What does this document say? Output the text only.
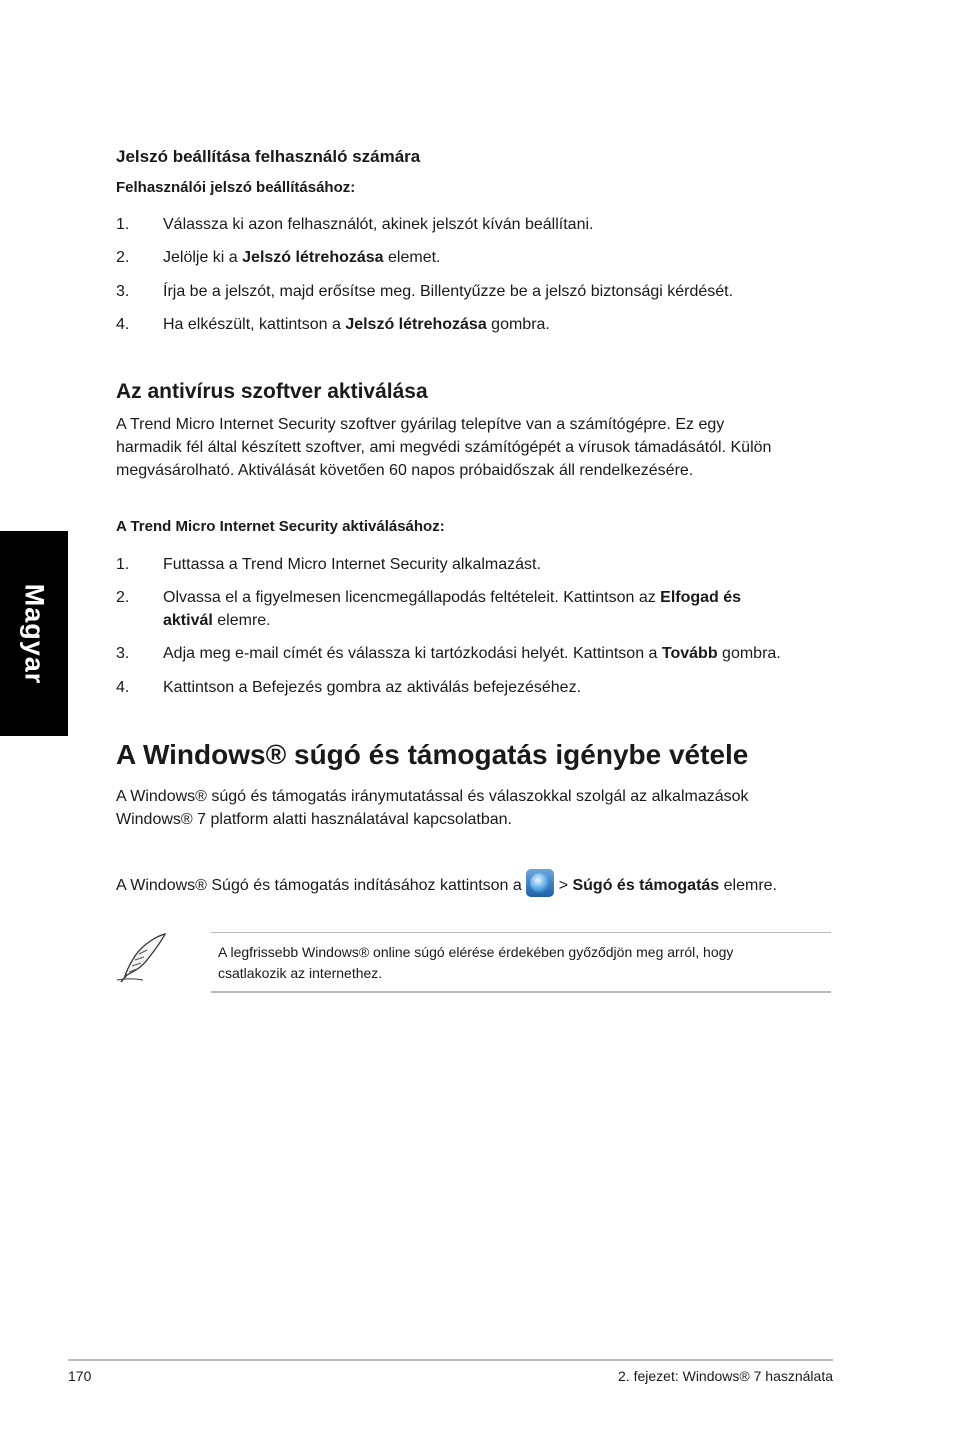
Magyar
Jelszó beállítása felhasználó számára
Felhasználói jelszó beállításához:
1. Válassza ki azon felhasználót, akinek jelszót kíván beállítani.
2. Jelölje ki a Jelszó létrehozása elemet.
3. Írja be a jelszót, majd erősítse meg. Billentyűzze be a jelszó biztonsági kérdését.
4. Ha elkészült, kattintson a Jelszó létrehozása gombra.
Az antivírus szoftver aktiválása
A Trend Micro Internet Security szoftver gyárilag telepítve van a számítógépre. Ez egy
harmadik fél által készített szoftver, ami megvédi számítógépét a vírusok támadásától. Külön
megvásárolható. Aktiválását követően 60 napos próbaidőszak áll rendelkezésére.
A Trend Micro Internet Security aktiválásához:
1. Futtassa a Trend Micro Internet Security alkalmazást.
2. Olvassa el a figyelmesen licencmegállapodás feltételeit. Kattintson az Elfogad és
aktivál elemre.
3. Adja meg e-mail címét és válassza ki tartózkodási helyét. Kattintson a Tovább gombra.
4. Kattintson a Befejezés gombra az aktiválás befejezéséhez.
A Windows® súgó és támogatás igénybe vétele
A Windows® súgó és támogatás iránymutatással és válaszokkal szolgál az alkalmazások
Windows® 7 platform alatti használatával kapcsolatban.
A Windows® Súgó és támogatás indításához kattintson a
> Súgó és támogatás elemre.
A legfrissebb Windows® online súgó elérése érdekében győződjön meg arról, hogy
csatlakozik az internethez.
170	2. fejezet: Windows® 7 használata
